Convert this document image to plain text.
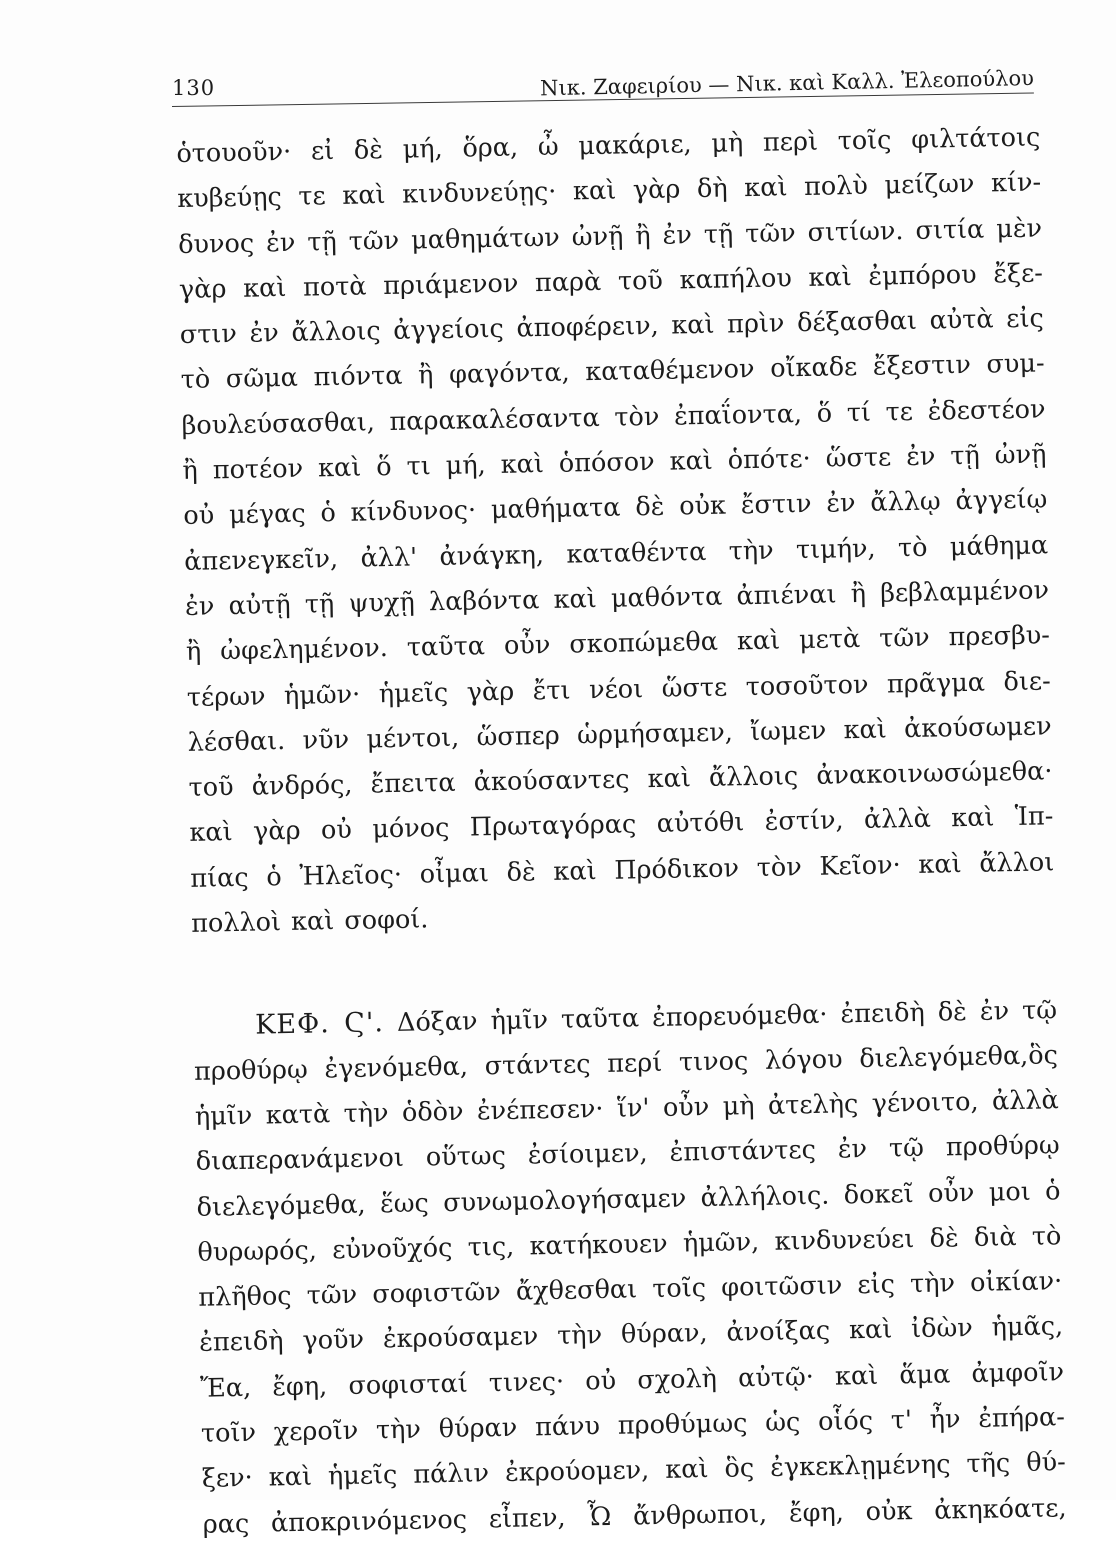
130	Νικ. Ζαφειρίου — Νικ. καὶ Καλλ. Ἐλεοπούλου
ὁτουοῦν· εἰ δὲ μή, ὅρα, ὦ μακάριε, μὴ περὶ τοῖς φιλτάτοις
κυβεύῃς τε καὶ κινδυνεύῃς· καὶ γὰρ δὴ καὶ πολὺ μείζων κίν-
δυνος ἐν τῇ τῶν μαθημάτων ὠνῇ ἢ ἐν τῇ τῶν σιτίων. σιτία μὲν
γὰρ καὶ ποτὰ πριάμενον παρὰ τοῦ καπήλου καὶ ἐμπόρου ἔξε-
στιν ἐν ἄλλοις ἀγγείοις ἀποφέρειν, καὶ πρὶν δέξασθαι αὐτὰ εἰς
τὸ σῶμα πιόντα ἢ φαγόντα, καταθέμενον οἴκαδε ἔξεστιν συμ-
βουλεύσασθαι, παρακαλέσαντα τὸν ἐπαΐοντα, ὅ τί τε ἐδεστέον
ἢ ποτέον καὶ ὅ τι μή, καὶ ὁπόσον καὶ ὁπότε· ὥστε ἐν τῇ ὠνῇ
οὐ μέγας ὁ κίνδυνος· μαθήματα δὲ οὐκ ἔστιν ἐν ἄλλῳ ἀγγείῳ
ἀπενεγκεῖν, ἀλλ' ἀνάγκη, καταθέντα τὴν τιμήν, τὸ μάθημα
ἐν αὐτῇ τῇ ψυχῇ λαβόντα καὶ μαθόντα ἀπιέναι ἢ βεβλαμμένον
ἢ ὠφελημένον. ταῦτα οὖν σκοπώμεθα καὶ μετὰ τῶν πρεσβυ-
τέρων ἡμῶν· ἡμεῖς γὰρ ἔτι νέοι ὥστε τοσοῦτον πρᾶγμα διε-
λέσθαι. νῦν μέντοι, ὥσπερ ὡρμήσαμεν, ἴωμεν καὶ ἀκούσωμεν
τοῦ ἀνδρός, ἔπειτα ἀκούσαντες καὶ ἄλλοις ἀνακοινωσώμεθα·
καὶ γὰρ οὐ μόνος Πρωταγόρας αὐτόθι ἐστίν, ἀλλὰ καὶ Ἱπ-
πίας ὁ Ἠλεῖος· οἶμαι δὲ καὶ Πρόδικον τὸν Κεῖον· καὶ ἄλλοι
πολλοὶ καὶ σοφοί.
ΚΕΦ. Ϛ'. Δόξαν ἡμῖν ταῦτα ἐπορευόμεθα· ἐπειδὴ δὲ ἐν τῷ
προθύρῳ ἐγενόμεθα, στάντες περί τινος λόγου διελεγόμεθα,ὃς
ἡμῖν κατὰ τὴν ὁδὸν ἐνέπεσεν· ἵν' οὖν μὴ ἀτελὴς γένοιτο, ἀλλὰ
διαπερανάμενοι οὕτως ἐσίοιμεν, ἐπιστάντες ἐν τῷ προθύρῳ
διελεγόμεθα, ἕως συνωμολογήσαμεν ἀλλήλοις. δοκεῖ οὖν μοι ὁ
θυρωρός, εὐνοῦχός τις, κατήκουεν ἡμῶν, κινδυνεύει δὲ διὰ τὸ
πλῆθος τῶν σοφιστῶν ἄχθεσθαι τοῖς φοιτῶσιν εἰς τὴν οἰκίαν·
ἐπειδὴ γοῦν ἐκρούσαμεν τὴν θύραν, ἀνοίξας καὶ ἰδὼν ἡμᾶς,
Ἔα, ἔφη, σοφισταί τινες· οὐ σχολὴ αὐτῷ· καὶ ἅμα ἀμφοῖν
τοῖν χεροῖν τὴν θύραν πάνυ προθύμως ὡς οἷός τ' ἦν ἐπήρα-
ξεν· καὶ ἡμεῖς πάλιν ἐκρούομεν, καὶ ὃς ἐγκεκλῃμένης τῆς θύ-
ρας ἀποκρινόμενος εἶπεν, Ὦ ἄνθρωποι, ἔφη, οὐκ ἀκηκόατε,
